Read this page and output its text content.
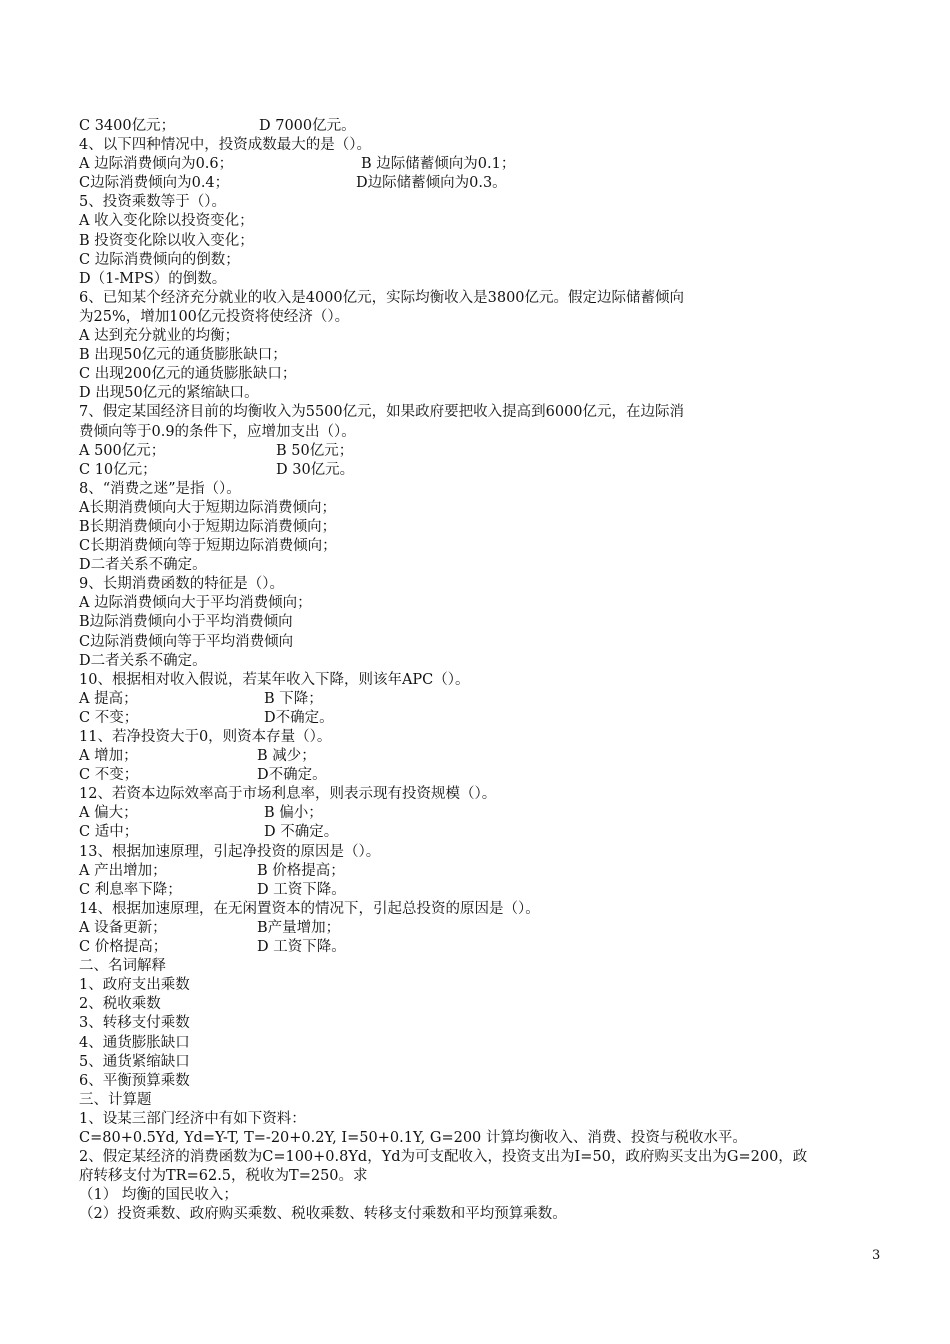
C 3400亿元；	D 7000亿元。
4、以下四种情况中，投资成数最大的是（）。
A 边际消费倾向为0.6；	B 边际储蓄倾向为0.1；
C边际消费倾向为0.4；	D边际储蓄倾向为0.3。
5、投资乘数等于（）。
A 收入变化除以投资变化；
B 投资变化除以收入变化；
C 边际消费倾向的倒数；
D（1-MPS）的倒数。
6、已知某个经济充分就业的收入是4000亿元，实际均衡收入是3800亿元。假定边际储蓄倾向
为25%，增加100亿元投资将使经济（）。
A 达到充分就业的均衡；
B 出现50亿元的通货膨胀缺口；
C 出现200亿元的通货膨胀缺口；
D 出现50亿元的紧缩缺口。
7、假定某国经济目前的均衡收入为5500亿元，如果政府要把收入提高到6000亿元，在边际消
费倾向等于0.9的条件下，应增加支出（）。
A 500亿元；	B 50亿元；
C 10亿元；	D 30亿元。
8、“消费之迷”是指（）。
A长期消费倾向大于短期边际消费倾向；
B长期消费倾向小于短期边际消费倾向；
C长期消费倾向等于短期边际消费倾向；
D二者关系不确定。
9、长期消费函数的特征是（）。
A 边际消费倾向大于平均消费倾向；
B边际消费倾向小于平均消费倾向
C边际消费倾向等于平均消费倾向
D二者关系不确定。
10、根据相对收入假说，若某年收入下降，则该年APC（）。
A 提高；	B 下降；
C 不变；	D不确定。
11、若净投资大于0，则资本存量（）。
A 增加；	B 减少；
C 不变；	D不确定。
12、若资本边际效率高于市场利息率，则表示现有投资规模（）。
A 偏大；	B 偏小；
C 适中；	D 不确定。
13、根据加速原理，引起净投资的原因是（）。
A 产出增加；	B 价格提高；
C 利息率下降；	D 工资下降。
14、根据加速原理，在无闲置资本的情况下，引起总投资的原因是（）。
A 设备更新；	B产量增加；
C 价格提高；	D 工资下降。
二、名词解释
1、政府支出乘数
2、税收乘数
3、转移支付乘数
4、通货膨胀缺口
5、通货紧缩缺口
6、平衡预算乘数
三、计算题
1、设某三部门经济中有如下资料：
C=80+0.5Yd, Yd=Y-T, T=-20+0.2Y, I=50+0.1Y, G=200 计算均衡收入、消费、投资与税收水平。
2、假定某经济的消费函数为C=100+0.8Yd，Yd为可支配收入，投资支出为I=50，政府购买支出为G=200，政
府转移支付为TR=62.5，税收为T=250。求
（1） 均衡的国民收入；
（2）投资乘数、政府购买乘数、税收乘数、转移支付乘数和平均预算乘数。
3
